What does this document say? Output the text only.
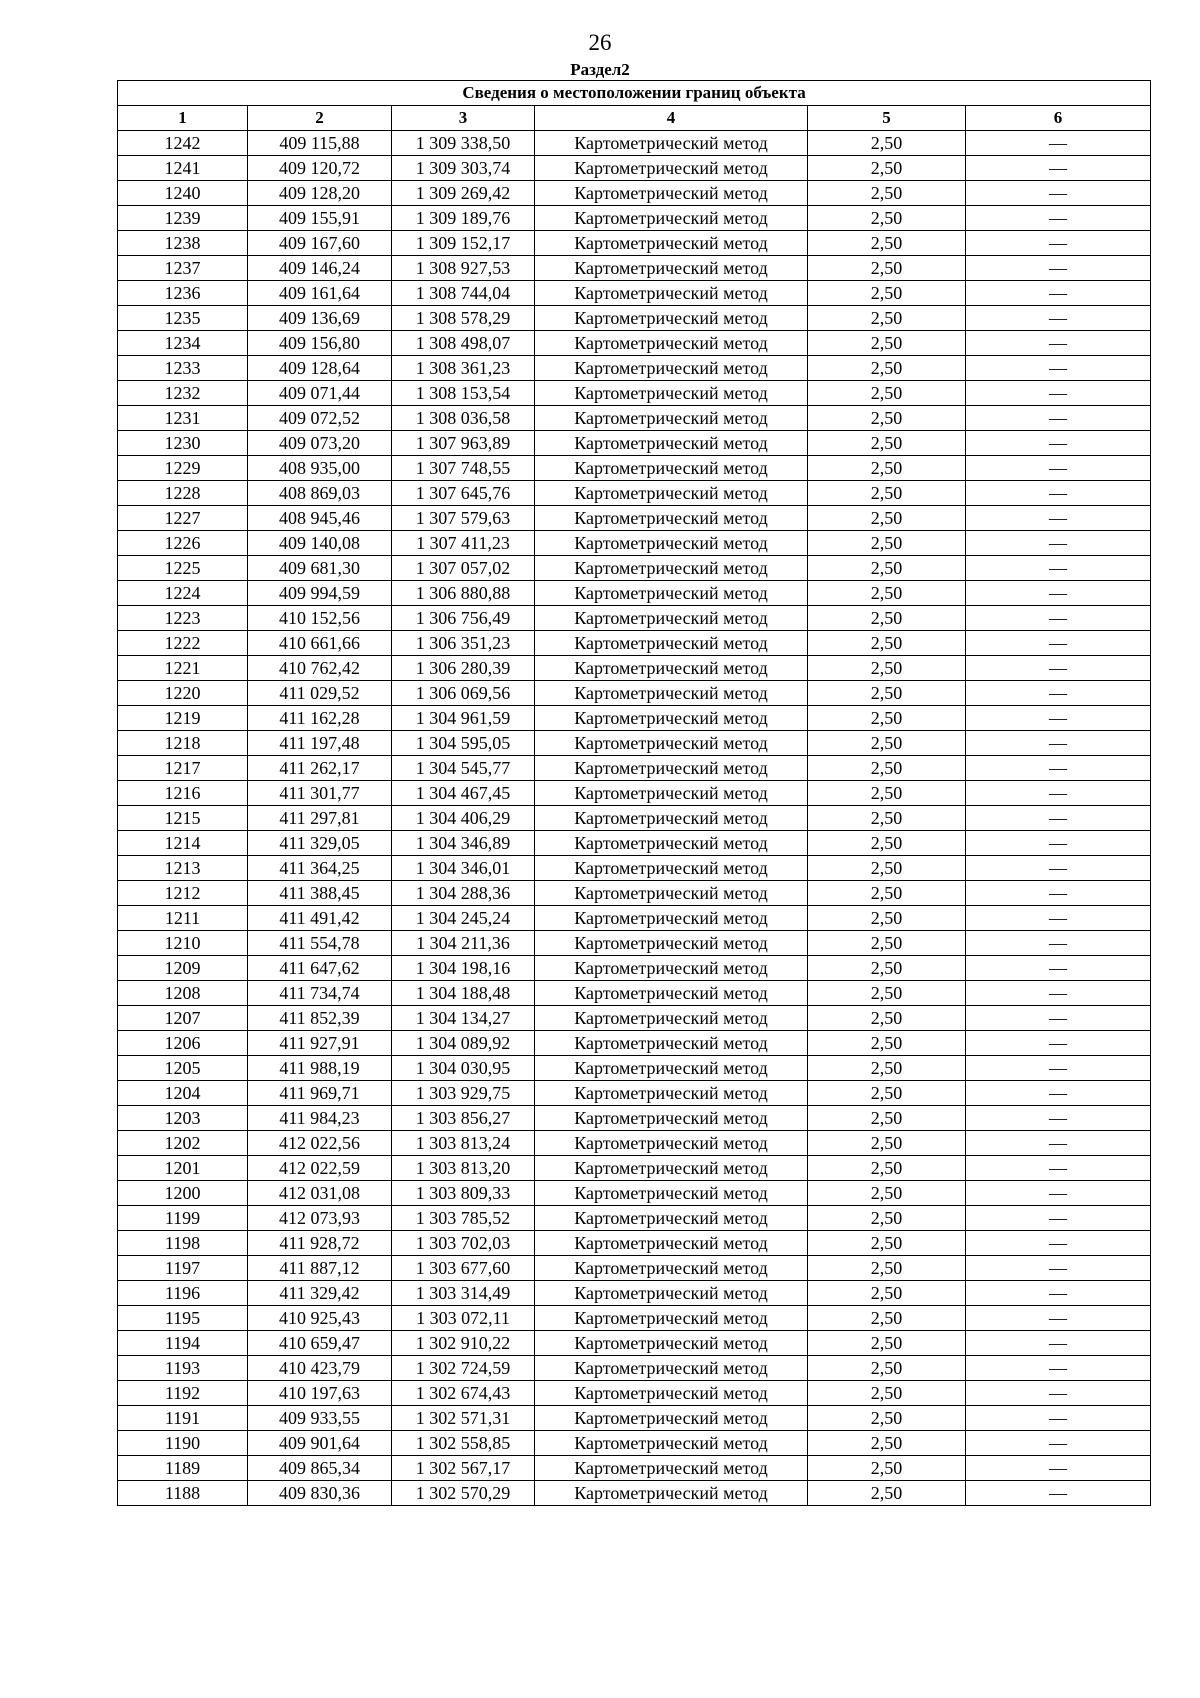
26
Раздел2
Сведения о местоположении границ объекта					
1	2	3	4	5	6
1242	409 115,88	1 309 338,50	Картометрический метод	2,50	—
1241	409 120,72	1 309 303,74	Картометрический метод	2,50	—
1240	409 128,20	1 309 269,42	Картометрический метод	2,50	—
1239	409 155,91	1 309 189,76	Картометрический метод	2,50	—
1238	409 167,60	1 309 152,17	Картометрический метод	2,50	—
1237	409 146,24	1 308 927,53	Картометрический метод	2,50	—
1236	409 161,64	1 308 744,04	Картометрический метод	2,50	—
1235	409 136,69	1 308 578,29	Картометрический метод	2,50	—
1234	409 156,80	1 308 498,07	Картометрический метод	2,50	—
1233	409 128,64	1 308 361,23	Картометрический метод	2,50	—
1232	409 071,44	1 308 153,54	Картометрический метод	2,50	—
1231	409 072,52	1 308 036,58	Картометрический метод	2,50	—
1230	409 073,20	1 307 963,89	Картометрический метод	2,50	—
1229	408 935,00	1 307 748,55	Картометрический метод	2,50	—
1228	408 869,03	1 307 645,76	Картометрический метод	2,50	—
1227	408 945,46	1 307 579,63	Картометрический метод	2,50	—
1226	409 140,08	1 307 411,23	Картометрический метод	2,50	—
1225	409 681,30	1 307 057,02	Картометрический метод	2,50	—
1224	409 994,59	1 306 880,88	Картометрический метод	2,50	—
1223	410 152,56	1 306 756,49	Картометрический метод	2,50	—
1222	410 661,66	1 306 351,23	Картометрический метод	2,50	—
1221	410 762,42	1 306 280,39	Картометрический метод	2,50	—
1220	411 029,52	1 306 069,56	Картометрический метод	2,50	—
1219	411 162,28	1 304 961,59	Картометрический метод	2,50	—
1218	411 197,48	1 304 595,05	Картометрический метод	2,50	—
1217	411 262,17	1 304 545,77	Картометрический метод	2,50	—
1216	411 301,77	1 304 467,45	Картометрический метод	2,50	—
1215	411 297,81	1 304 406,29	Картометрический метод	2,50	—
1214	411 329,05	1 304 346,89	Картометрический метод	2,50	—
1213	411 364,25	1 304 346,01	Картометрический метод	2,50	—
1212	411 388,45	1 304 288,36	Картометрический метод	2,50	—
1211	411 491,42	1 304 245,24	Картометрический метод	2,50	—
1210	411 554,78	1 304 211,36	Картометрический метод	2,50	—
1209	411 647,62	1 304 198,16	Картометрический метод	2,50	—
1208	411 734,74	1 304 188,48	Картометрический метод	2,50	—
1207	411 852,39	1 304 134,27	Картометрический метод	2,50	—
1206	411 927,91	1 304 089,92	Картометрический метод	2,50	—
1205	411 988,19	1 304 030,95	Картометрический метод	2,50	—
1204	411 969,71	1 303 929,75	Картометрический метод	2,50	—
1203	411 984,23	1 303 856,27	Картометрический метод	2,50	—
1202	412 022,56	1 303 813,24	Картометрический метод	2,50	—
1201	412 022,59	1 303 813,20	Картометрический метод	2,50	—
1200	412 031,08	1 303 809,33	Картометрический метод	2,50	—
1199	412 073,93	1 303 785,52	Картометрический метод	2,50	—
1198	411 928,72	1 303 702,03	Картометрический метод	2,50	—
1197	411 887,12	1 303 677,60	Картометрический метод	2,50	—
1196	411 329,42	1 303 314,49	Картометрический метод	2,50	—
1195	410 925,43	1 303 072,11	Картометрический метод	2,50	—
1194	410 659,47	1 302 910,22	Картометрический метод	2,50	—
1193	410 423,79	1 302 724,59	Картометрический метод	2,50	—
1192	410 197,63	1 302 674,43	Картометрический метод	2,50	—
1191	409 933,55	1 302 571,31	Картометрический метод	2,50	—
1190	409 901,64	1 302 558,85	Картометрический метод	2,50	—
1189	409 865,34	1 302 567,17	Картометрический метод	2,50	—
1188	409 830,36	1 302 570,29	Картометрический метод	2,50	—
